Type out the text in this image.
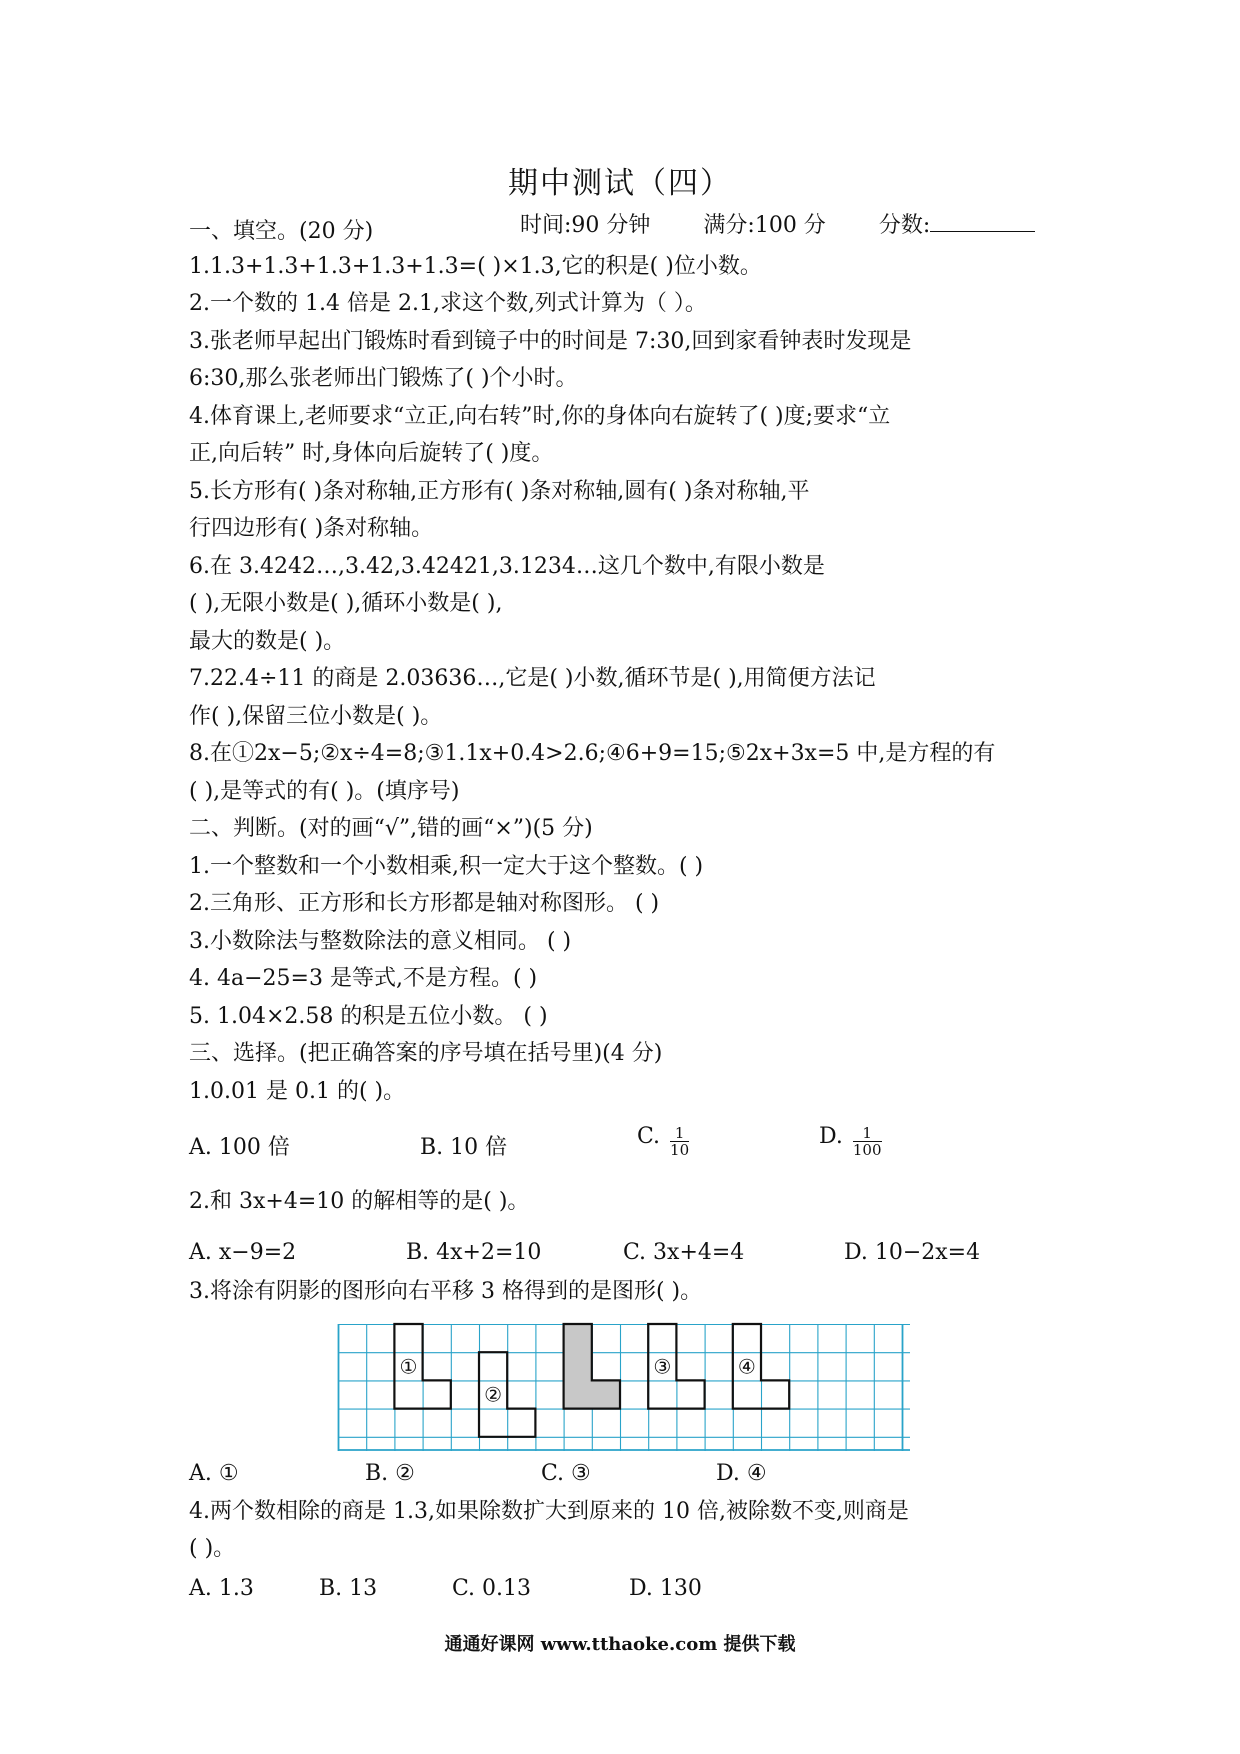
期中测试（四）
时间:90 分钟 满分:100 分 分数:
一、填空。(20 分)
1.1.3+1.3+1.3+1.3+1.3=( )×1.3,它的积是( )位小数。
2.一个数的 1.4 倍是 2.1,求这个数,列式计算为（ ）。
3.张老师早起出门锻炼时看到镜子中的时间是 7:30,回到家看钟表时发现是
6:30,那么张老师出门锻炼了( )个小时。
4.体育课上,老师要求“立正,向右转”时,你的身体向右旋转了( )度;要求“立
正,向后转” 时,身体向后旋转了( )度。
5.长方形有( )条对称轴,正方形有( )条对称轴,圆有( )条对称轴,平
行四边形有( )条对称轴。
6.在 3.4242…,3.42,3.42421,3.1234…这几个数中,有限小数是
( ),无限小数是( ),循环小数是( ),
最大的数是( )。
7.22.4÷11 的商是 2.03636…,它是( )小数,循环节是( ),用简便方法记
作( ),保留三位小数是( )。
8.在①2x−5;②x÷4=8;③1.1x+0.4>2.6;④6+9=15;⑤2x+3x=5 中,是方程的有
( ),是等式的有( )。(填序号)
二、判断。(对的画“√”,错的画“×”)(5 分)
1.一个整数和一个小数相乘,积一定大于这个整数。( )
2.三角形、正方形和长方形都是轴对称图形。 ( )
3.小数除法与整数除法的意义相同。 ( )
4. 4a−25=3 是等式,不是方程。( )
5. 1.04×2.58 的积是五位小数。 ( )
三、选择。(把正确答案的序号填在括号里)(4 分)
1.0.01 是 0.1 的( )。
A. 100 倍	B. 10 倍	C. $\frac{1}{10}$	D. $\frac{1}{100}$
2.和 3x+4=10 的解相等的是( )。
A. x−9=2	B. 4x+2=10	C. 3x+4=4	D. 10−2x=4
3.将涂有阴影的图形向右平移 3 格得到的是图形( )。
①
②
③	④
A. ①	B. ②	C. ③	D. ④
4.两个数相除的商是 1.3,如果除数扩大到原来的 10 倍,被除数不变,则商是
( )。
A. 1.3	B. 13	C. 0.13	D. 130
通通好课网 www.tthaoke.com 提供下载
